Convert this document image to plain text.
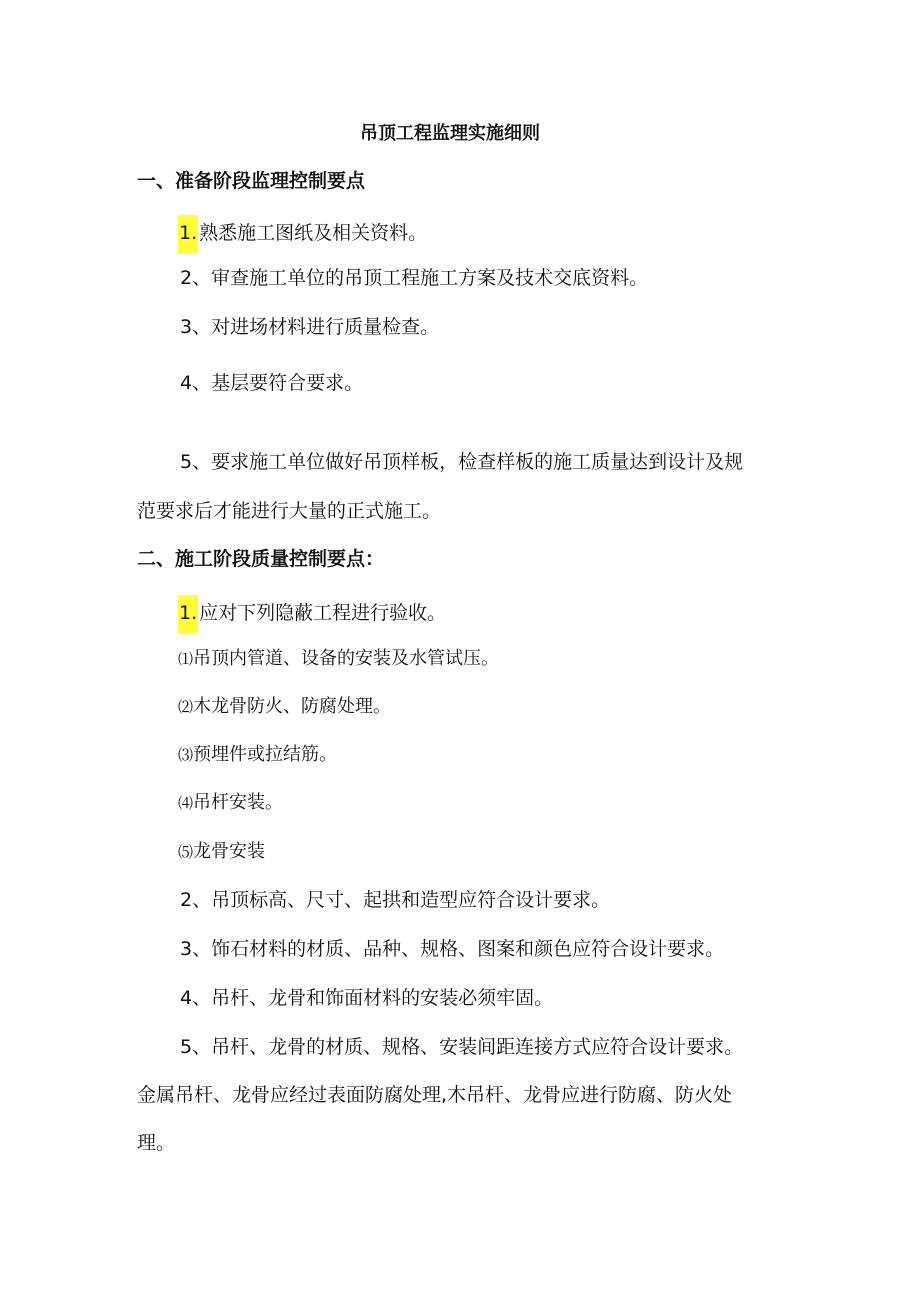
吊顶工程监理实施细则
一、准备阶段监理控制要点
1. 熟悉施工图纸及相关资料。
2、审查施工单位的吊顶工程施工方案及技术交底资料。
3、对进场材料进行质量检查。
4、基层要符合要求。
5、要求施工单位做好吊顶样板，检查样板的施工质量达到设计及规
范要求后才能进行大量的正式施工。
二、施工阶段质量控制要点：
1. 应对下列隐蔽工程进行验收。
⑴吊顶内管道、设备的安装及水管试压。
⑵木龙骨防火、防腐处理。
⑶预埋件或拉结筋。
⑷吊杆安装。
⑸龙骨安装
2、吊顶标高、尺寸、起拱和造型应符合设计要求。
3、饰石材料的材质、品种、规格、图案和颜色应符合设计要求。
4、吊杆、龙骨和饰面材料的安装必须牢固。
5、吊杆、龙骨的材质、规格、安装间距连接方式应符合设计要求。
金属吊杆、龙骨应经过表面防腐处理,木吊杆、龙骨应进行防腐、防火处
理。
